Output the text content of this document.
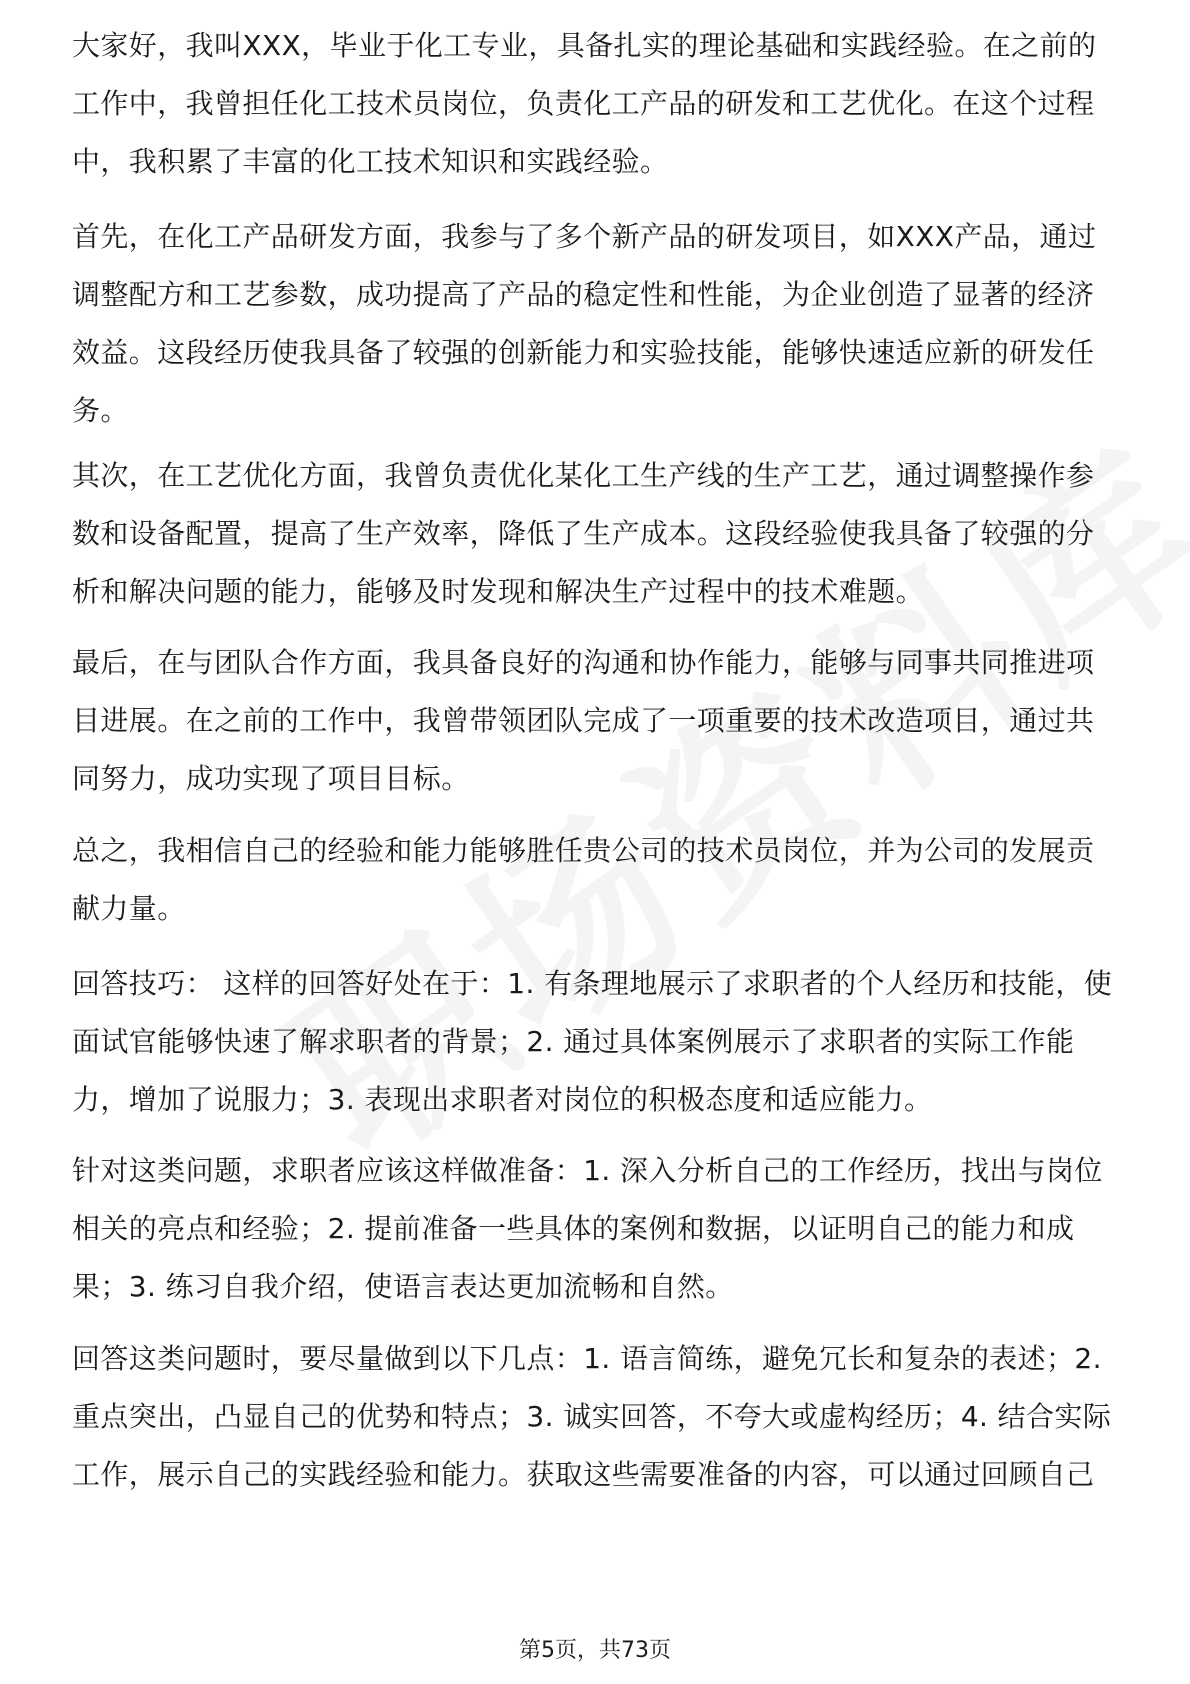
大家好，我叫XXX，毕业于化工专业，具备扎实的理论基础和实践经验。在之前的工作中，我曾担任化工技术员岗位，负责化工产品的研发和工艺优化。在这个过程中，我积累了丰富的化工技术知识和实践经验。

首先，在化工产品研发方面，我参与了多个新产品的研发项目，如XXX产品，通过调整配方和工艺参数，成功提高了产品的稳定性和性能，为企业创造了显著的经济效益。这段经历使我具备了较强的创新能力和实验技能，能够快速适应新的研发任务。

其次，在工艺优化方面，我曾负责优化某化工生产线的生产工艺，通过调整操作参数和设备配置，提高了生产效率，降低了生产成本。这段经验使我具备了较强的分析和解决问题的能力，能够及时发现和解决生产过程中的技术难题。

最后，在与团队合作方面，我具备良好的沟通和协作能力，能够与同事共同推进项目进展。在之前的工作中，我曾带领团队完成了一项重要的技术改造项目，通过共同努力，成功实现了项目目标。

总之，我相信自己的经验和能力能够胜任贵公司的技术员岗位，并为公司的发展贡献力量。

回答技巧： 这样的回答好处在于：1. 有条理地展示了求职者的个人经历和技能，使面试官能够快速了解求职者的背景；2. 通过具体案例展示了求职者的实际工作能力，增加了说服力；3. 表现出求职者对岗位的积极态度和适应能力。

针对这类问题，求职者应该这样做准备：1. 深入分析自己的工作经历，找出与岗位相关的亮点和经验；2. 提前准备一些具体的案例和数据，以证明自己的能力和成果；3. 练习自我介绍，使语言表达更加流畅和自然。

回答这类问题时，要尽量做到以下几点：1. 语言简练，避免冗长和复杂的表述；2. 重点突出，凸显自己的优势和特点；3. 诚实回答，不夸大或虚构经历；4. 结合实际工作，展示自己的实践经验和能力。获取这些需要准备的内容，可以通过回顾自己

第5页，共73页
